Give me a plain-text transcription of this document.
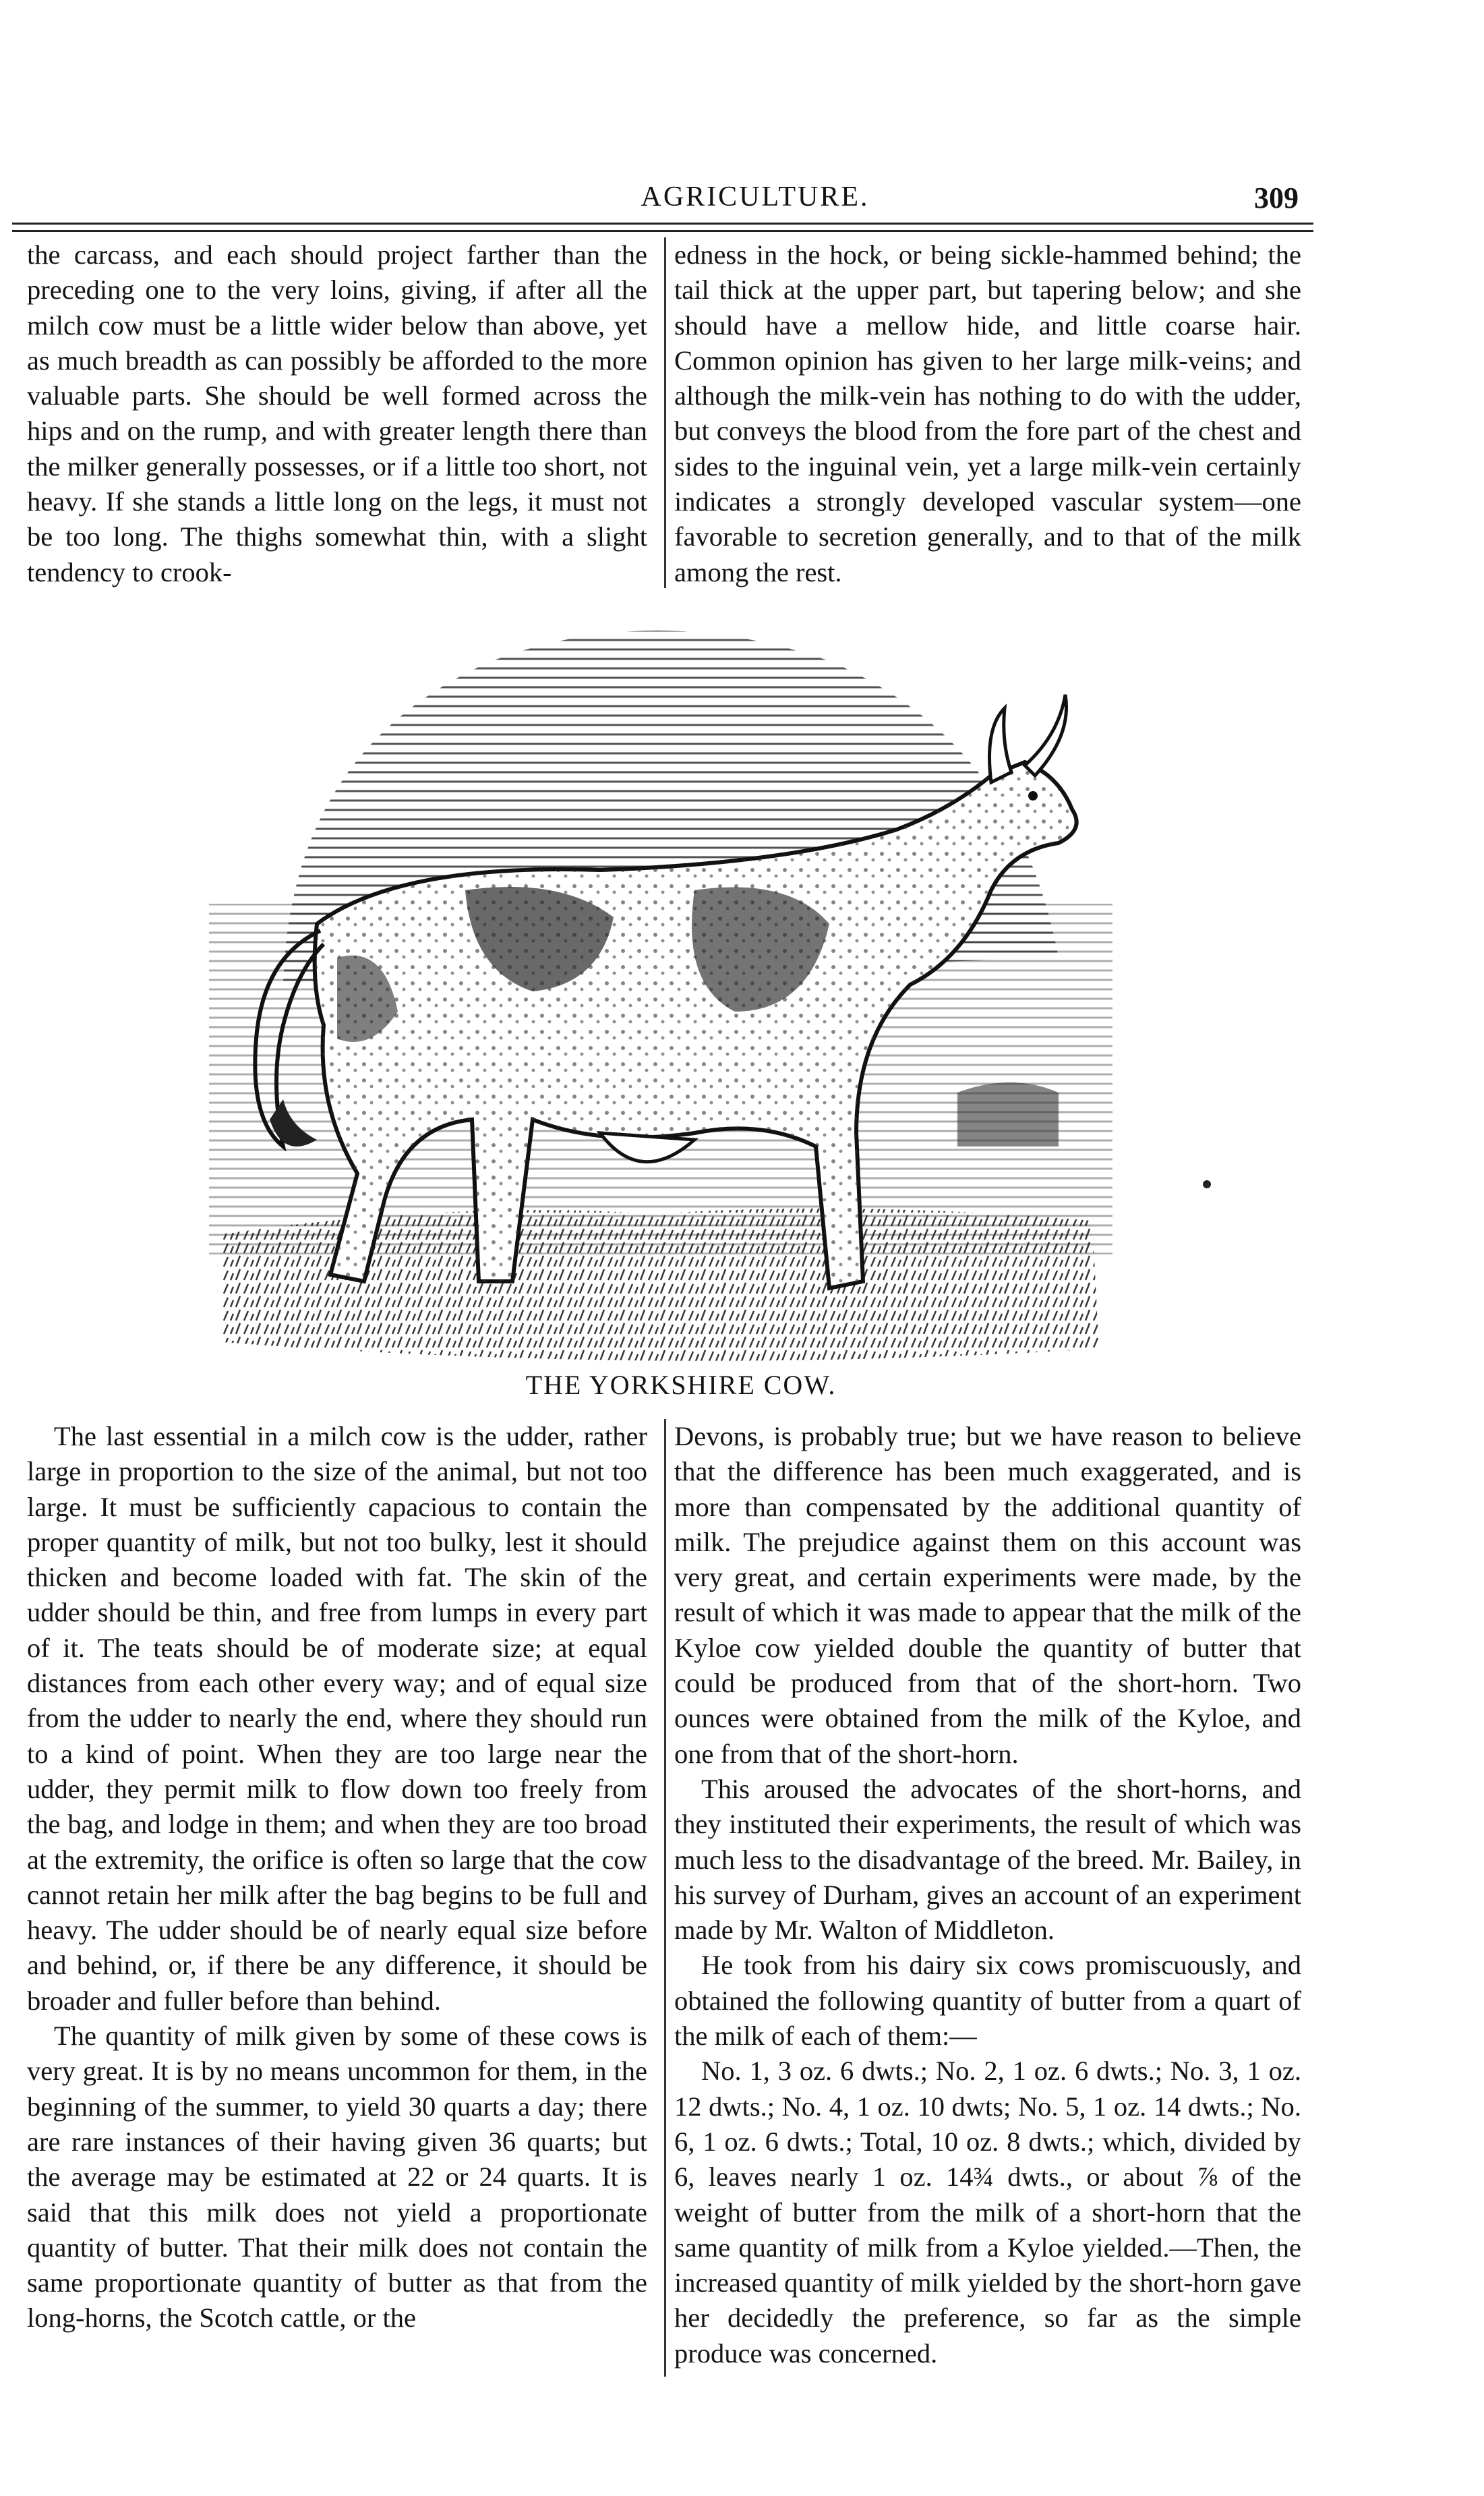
AGRICULTURE.	309

the carcass, and each should project farther than the preceding one to the very loins, giving, if after all the milch cow must be a little wider below than above, yet as much breadth as can possibly be afforded to the more valuable parts. She should be well formed across the hips and on the rump, and with greater length there than the milker generally possesses, or if a little too short, not heavy. If she stands a little long on the legs, it must not be too long. The thighs somewhat thin, with a slight tendency to crook-

edness in the hock, or being sickle-hammed behind; the tail thick at the upper part, but tapering below; and she should have a mellow hide, and little coarse hair. Common opinion has given to her large milk-veins; and although the milk-vein has nothing to do with the udder, but conveys the blood from the fore part of the chest and sides to the inguinal vein, yet a large milk-vein certainly indicates a strongly developed vascular system—one favorable to secretion generally, and to that of the milk among the rest.

THE YORKSHIRE COW.

The last essential in a milch cow is the udder, rather large in proportion to the size of the animal, but not too large. It must be sufficiently capacious to contain the proper quantity of milk, but not too bulky, lest it should thicken and become loaded with fat. The skin of the udder should be thin, and free from lumps in every part of it. The teats should be of moderate size; at equal distances from each other every way; and of equal size from the udder to nearly the end, where they should run to a kind of point. When they are too large near the udder, they permit milk to flow down too freely from the bag, and lodge in them; and when they are too broad at the extremity, the orifice is often so large that the cow cannot retain her milk after the bag begins to be full and heavy. The udder should be of nearly equal size before and behind, or, if there be any difference, it should be broader and fuller before than behind.

The quantity of milk given by some of these cows is very great. It is by no means uncommon for them, in the beginning of the summer, to yield 30 quarts a day; there are rare instances of their having given 36 quarts; but the average may be estimated at 22 or 24 quarts. It is said that this milk does not yield a proportionate quantity of butter. That their milk does not contain the same proportionate quantity of butter as that from the long-horns, the Scotch cattle, or the

Devons, is probably true; but we have reason to believe that the difference has been much exaggerated, and is more than compensated by the additional quantity of milk. The prejudice against them on this account was very great, and certain experiments were made, by the result of which it was made to appear that the milk of the Kyloe cow yielded double the quantity of butter that could be produced from that of the short-horn. Two ounces were obtained from the milk of the Kyloe, and one from that of the short-horn.

This aroused the advocates of the short-horns, and they instituted their experiments, the result of which was much less to the disadvantage of the breed. Mr. Bailey, in his survey of Durham, gives an account of an experiment made by Mr. Walton of Middleton.

He took from his dairy six cows promiscuously, and obtained the following quantity of butter from a quart of the milk of each of them:—

No. 1, 3 oz. 6 dwts.; No. 2, 1 oz. 6 dwts.; No. 3, 1 oz. 12 dwts.; No. 4, 1 oz. 10 dwts; No. 5, 1 oz. 14 dwts.; No. 6, 1 oz. 6 dwts.; Total, 10 oz. 8 dwts.; which, divided by 6, leaves nearly 1 oz. 14¾ dwts., or about ⅞ of the weight of butter from the milk of a short-horn that the same quantity of milk from a Kyloe yielded.—Then, the increased quantity of milk yielded by the short-horn gave her decidedly the preference, so far as the simple produce was concerned.
